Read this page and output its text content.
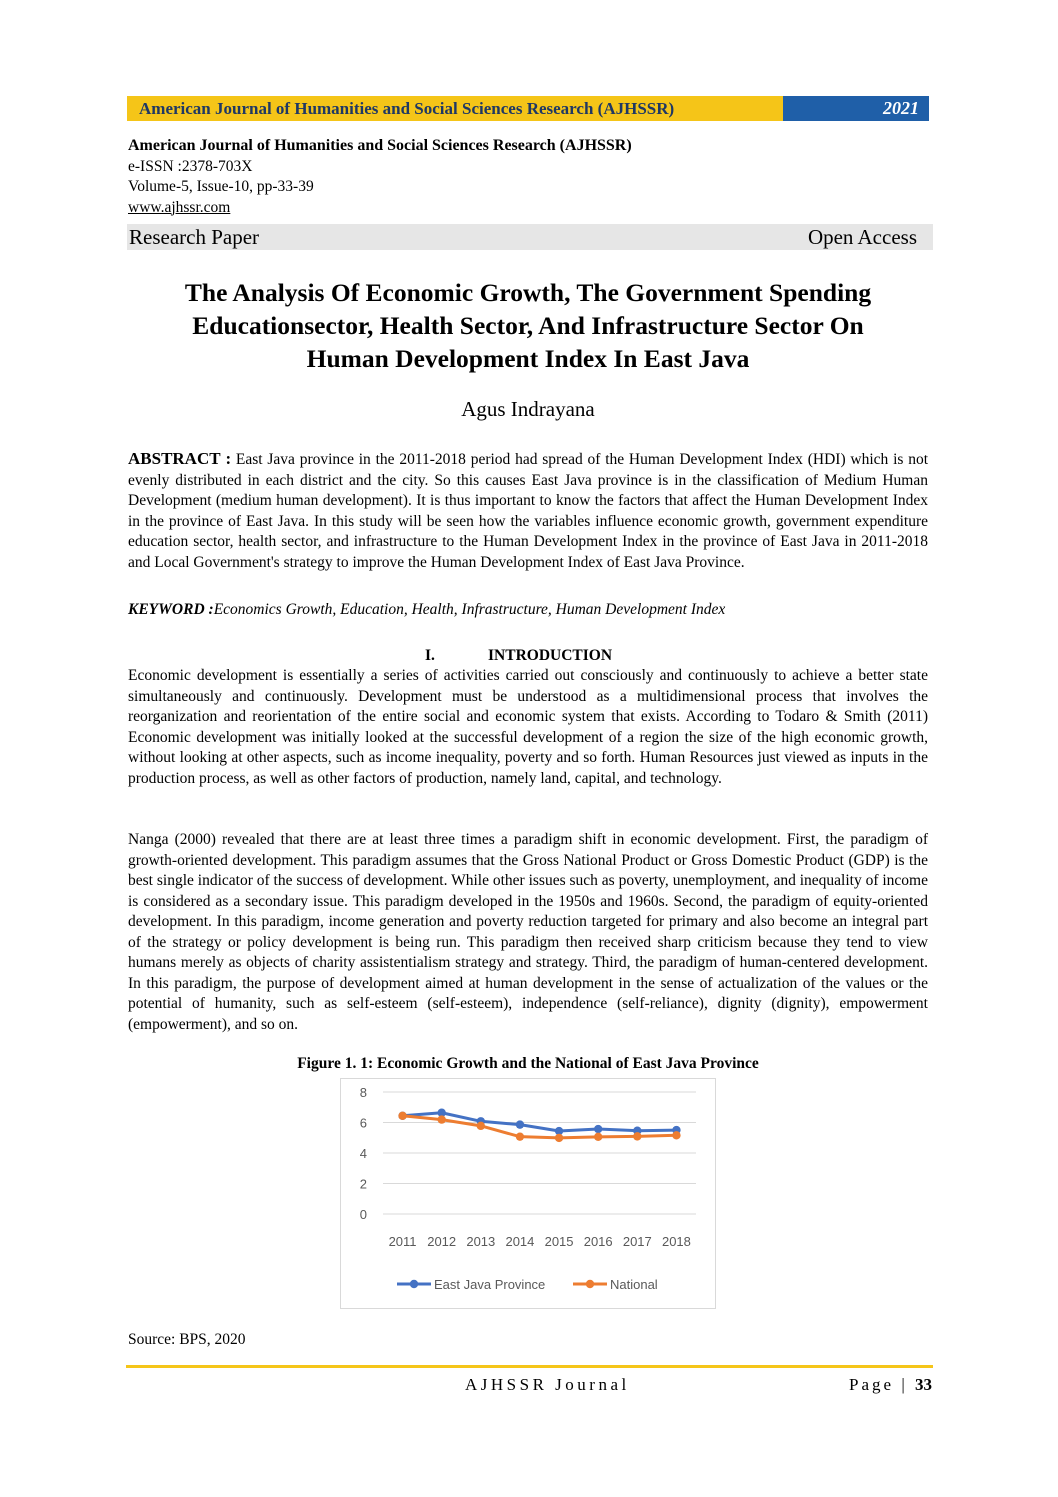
American Journal of Humanities and Social Sciences Research (AJHSSR)	2021
American Journal of Humanities and Social Sciences Research (AJHSSR)
e-ISSN :2378-703X
Volume-5, Issue-10, pp-33-39
www.ajhssr.com
Research Paper	Open Access
The Analysis Of Economic Growth, The Government Spending
Educationsector, Health Sector, And Infrastructure Sector On
Human Development Index In East Java
Agus Indrayana
ABSTRACT : East Java province in the 2011-2018 period had spread of the Human Development Index (HDI) which is not evenly distributed in each district and the city. So this causes East Java province is in the classification of Medium Human Development (medium human development). It is thus important to know the factors that affect the Human Development Index in the province of East Java. In this study will be seen how the variables influence economic growth, government expenditure education sector, health sector, and infrastructure to the Human Development Index in the province of East Java in 2011-2018 and Local Government's strategy to improve the Human Development Index of East Java Province.
KEYWORD :Economics Growth, Education, Health, Infrastructure, Human Development Index
I.	INTRODUCTION
Economic development is essentially a series of activities carried out consciously and continuously to achieve a better state simultaneously and continuously. Development must be understood as a multidimensional process that involves the reorganization and reorientation of the entire social and economic system that exists. According to Todaro & Smith (2011) Economic development was initially looked at the successful development of a region the size of the high economic growth, without looking at other aspects, such as income inequality, poverty and so forth. Human Resources just viewed as inputs in the production process, as well as other factors of production, namely land, capital, and technology.
Nanga (2000) revealed that there are at least three times a paradigm shift in economic development. First, the paradigm of growth-oriented development. This paradigm assumes that the Gross National Product or Gross Domestic Product (GDP) is the best single indicator of the success of development. While other issues such as poverty, unemployment, and inequality of income is considered as a secondary issue. This paradigm developed in the 1950s and 1960s. Second, the paradigm of equity-oriented development. In this paradigm, income generation and poverty reduction targeted for primary and also become an integral part of the strategy or policy development is being run. This paradigm then received sharp criticism because they tend to view humans merely as objects of charity assistentialism strategy and strategy. Third, the paradigm of human-centered development. In this paradigm, the purpose of development aimed at human development in the sense of actualization of the values or the potential of humanity, such as self-esteem (self-esteem), independence (self-reliance), dignity (dignity), empowerment (empowerment), and so on.
Figure 1. 1: Economic Growth and the National of East Java Province
0
2
4
6
8
2011 2012 2013 2014 2015 2016 2017 2018
East Java Province	National
Source: BPS, 2020
AJHSSR Journal	Page | 33
